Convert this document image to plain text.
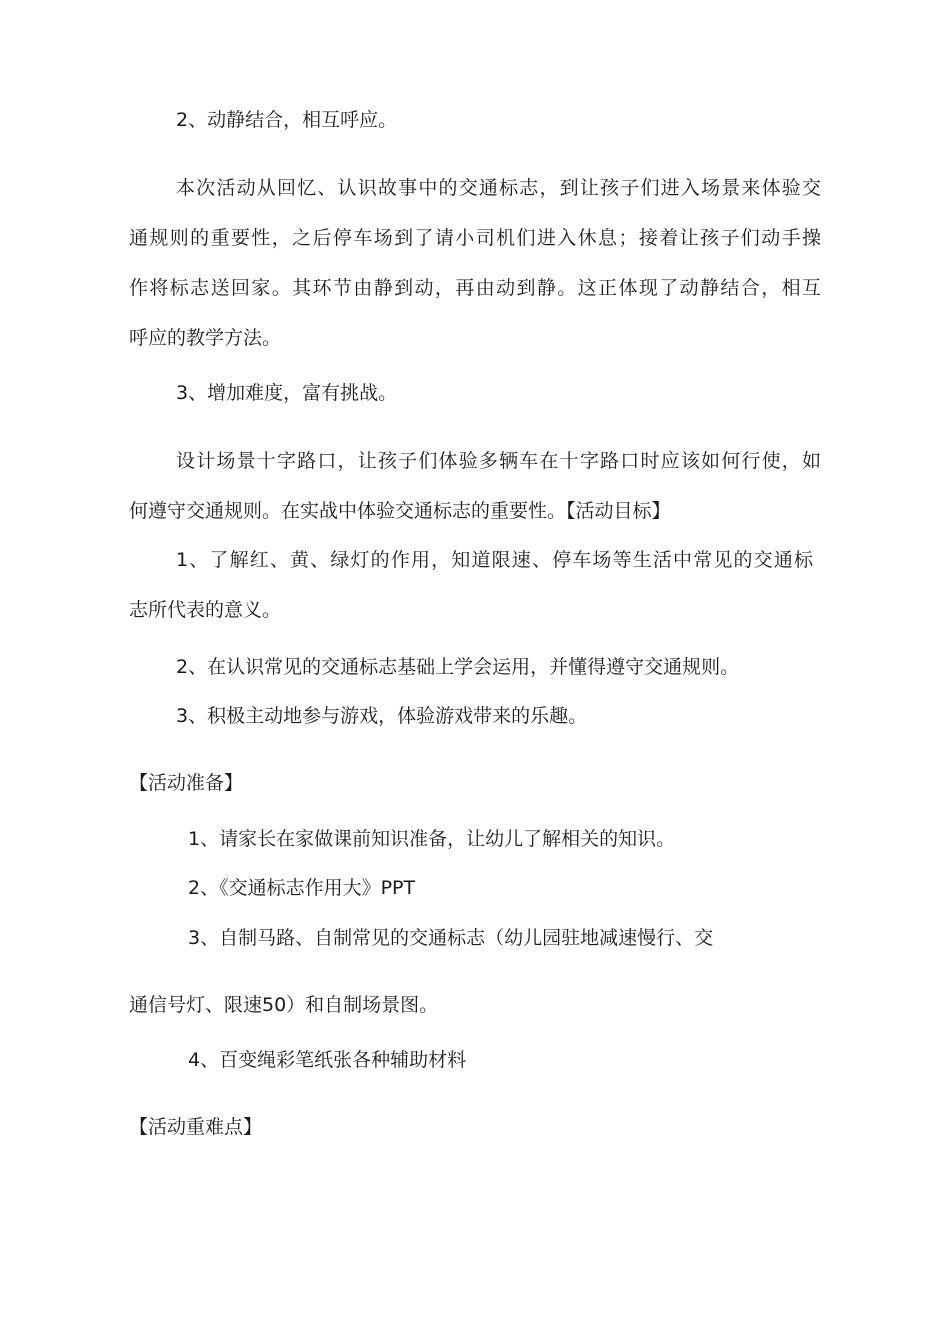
2、动静结合，相互呼应。

本次活动从回忆、认识故事中的交通标志，到让孩子们进入场景来体验交

通规则的重要性，之后停车场到了请小司机们进入休息；接着让孩子们动手操

作将标志送回家。其环节由静到动，再由动到静。这正体现了动静结合，相互

呼应的教学方法。

3、增加难度，富有挑战。

设计场景十字路口，让孩子们体验多辆车在十字路口时应该如何行使，如

何遵守交通规则。在实战中体验交通标志的重要性。【活动目标】

1、了解红、黄、绿灯的作用，知道限速、停车场等生活中常见的交通标

志所代表的意义。

2、在认识常见的交通标志基础上学会运用，并懂得遵守交通规则。

3、积极主动地参与游戏，体验游戏带来的乐趣。

【活动准备】

1、请家长在家做课前知识准备，让幼儿了解相关的知识。

2、《交通标志作用大》PPT

3、自制马路、自制常见的交通标志（幼儿园驻地减速慢行、交

通信号灯、限速50）和自制场景图。

4、百变绳彩笔纸张各种辅助材料

【活动重难点】
